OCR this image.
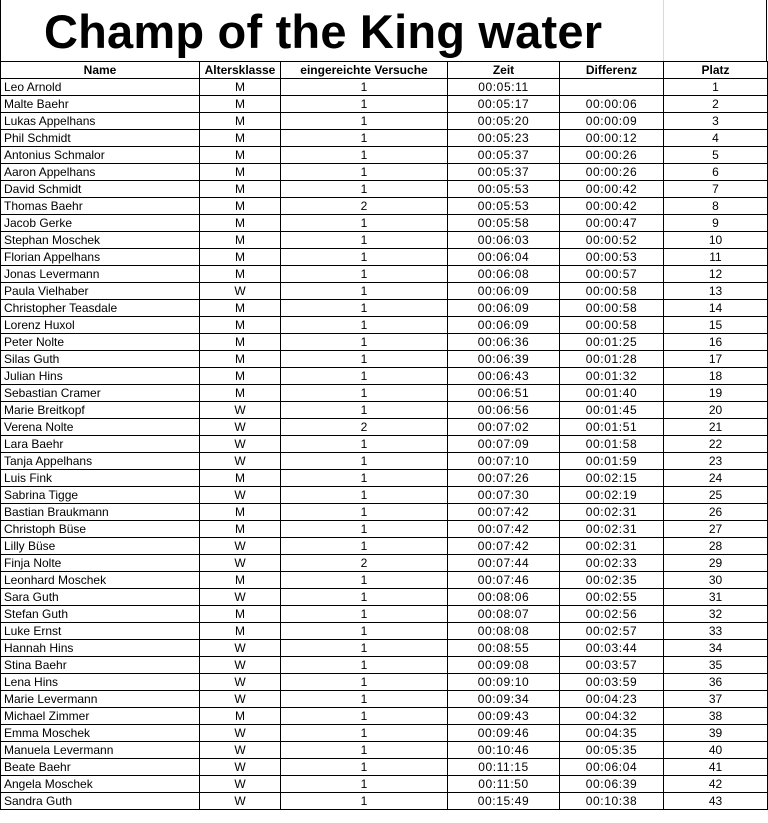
Champ of the King water
Name	Altersklasse	eingereichte Versuche	Zeit	Differenz	Platz
Leo Arnold	M	1	00:05:11		1
Malte Baehr	M	1	00:05:17	00:00:06	2
Lukas Appelhans	M	1	00:05:20	00:00:09	3
Phil Schmidt	M	1	00:05:23	00:00:12	4
Antonius Schmalor	M	1	00:05:37	00:00:26	5
Aaron Appelhans	M	1	00:05:37	00:00:26	6
David Schmidt	M	1	00:05:53	00:00:42	7
Thomas Baehr	M	2	00:05:53	00:00:42	8
Jacob Gerke	M	1	00:05:58	00:00:47	9
Stephan Moschek	M	1	00:06:03	00:00:52	10
Florian Appelhans	M	1	00:06:04	00:00:53	11
Jonas Levermann	M	1	00:06:08	00:00:57	12
Paula Vielhaber	W	1	00:06:09	00:00:58	13
Christopher Teasdale	M	1	00:06:09	00:00:58	14
Lorenz Huxol	M	1	00:06:09	00:00:58	15
Peter Nolte	M	1	00:06:36	00:01:25	16
Silas Guth	M	1	00:06:39	00:01:28	17
Julian Hins	M	1	00:06:43	00:01:32	18
Sebastian Cramer	M	1	00:06:51	00:01:40	19
Marie Breitkopf	W	1	00:06:56	00:01:45	20
Verena Nolte	W	2	00:07:02	00:01:51	21
Lara Baehr	W	1	00:07:09	00:01:58	22
Tanja Appelhans	W	1	00:07:10	00:01:59	23
Luis Fink	M	1	00:07:26	00:02:15	24
Sabrina Tigge	W	1	00:07:30	00:02:19	25
Bastian Braukmann	M	1	00:07:42	00:02:31	26
Christoph Büse	M	1	00:07:42	00:02:31	27
Lilly Büse	W	1	00:07:42	00:02:31	28
Finja Nolte	W	2	00:07:44	00:02:33	29
Leonhard Moschek	M	1	00:07:46	00:02:35	30
Sara Guth	W	1	00:08:06	00:02:55	31
Stefan Guth	M	1	00:08:07	00:02:56	32
Luke Ernst	M	1	00:08:08	00:02:57	33
Hannah Hins	W	1	00:08:55	00:03:44	34
Stina Baehr	W	1	00:09:08	00:03:57	35
Lena Hins	W	1	00:09:10	00:03:59	36
Marie Levermann	W	1	00:09:34	00:04:23	37
Michael Zimmer	M	1	00:09:43	00:04:32	38
Emma Moschek	W	1	00:09:46	00:04:35	39
Manuela Levermann	W	1	00:10:46	00:05:35	40
Beate Baehr	W	1	00:11:15	00:06:04	41
Angela Moschek	W	1	00:11:50	00:06:39	42
Sandra Guth	W	1	00:15:49	00:10:38	43
